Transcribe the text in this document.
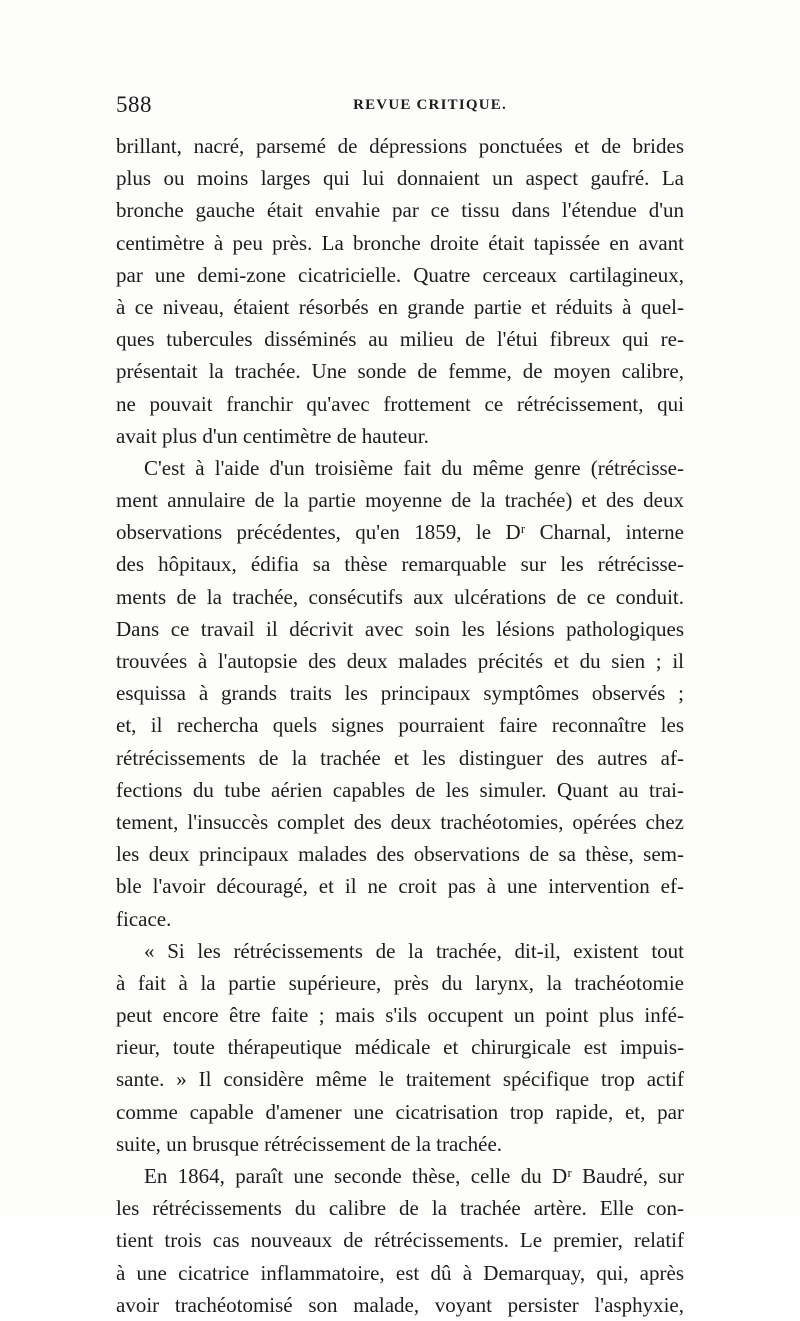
588	REVUE CRITIQUE.
brillant, nacré, parsemé de dépressions ponctuées et de brides
plus ou moins larges qui lui donnaient un aspect gaufré. La
bronche gauche était envahie par ce tissu dans l'étendue d'un
centimètre à peu près. La bronche droite était tapissée en avant
par une demi-zone cicatricielle. Quatre cerceaux cartilagineux,
à ce niveau, étaient résorbés en grande partie et réduits à quel-
ques tubercules disséminés au milieu de l'étui fibreux qui re-
présentait la trachée. Une sonde de femme, de moyen calibre,
ne pouvait franchir qu'avec frottement ce rétrécissement, qui
avait plus d'un centimètre de hauteur.
C'est à l'aide d'un troisième fait du même genre (rétrécisse-
ment annulaire de la partie moyenne de la trachée) et des deux
observations précédentes, qu'en 1859, le Dʳ Charnal, interne
des hôpitaux, édifia sa thèse remarquable sur les rétrécisse-
ments de la trachée, consécutifs aux ulcérations de ce conduit.
Dans ce travail il décrivit avec soin les lésions pathologiques
trouvées à l'autopsie des deux malades précités et du sien ; il
esquissa à grands traits les principaux symptômes observés ;
et, il rechercha quels signes pourraient faire reconnaître les
rétrécissements de la trachée et les distinguer des autres af-
fections du tube aérien capables de les simuler. Quant au trai-
tement, l'insuccès complet des deux trachéotomies, opérées chez
les deux principaux malades des observations de sa thèse, sem-
ble l'avoir découragé, et il ne croit pas à une intervention ef-
ficace.
« Si les rétrécissements de la trachée, dit-il, existent tout
à fait à la partie supérieure, près du larynx, la trachéotomie
peut encore être faite ; mais s'ils occupent un point plus infé-
rieur, toute thérapeutique médicale et chirurgicale est impuis-
sante. » Il considère même le traitement spécifique trop actif
comme capable d'amener une cicatrisation trop rapide, et, par
suite, un brusque rétrécissement de la trachée.
En 1864, paraît une seconde thèse, celle du Dʳ Baudré, sur
les rétrécissements du calibre de la trachée artère. Elle con-
tient trois cas nouveaux de rétrécissements. Le premier, relatif
à une cicatrice inflammatoire, est dû à Demarquay, qui, après
avoir trachéotomisé son malade, voyant persister l'asphyxie,
